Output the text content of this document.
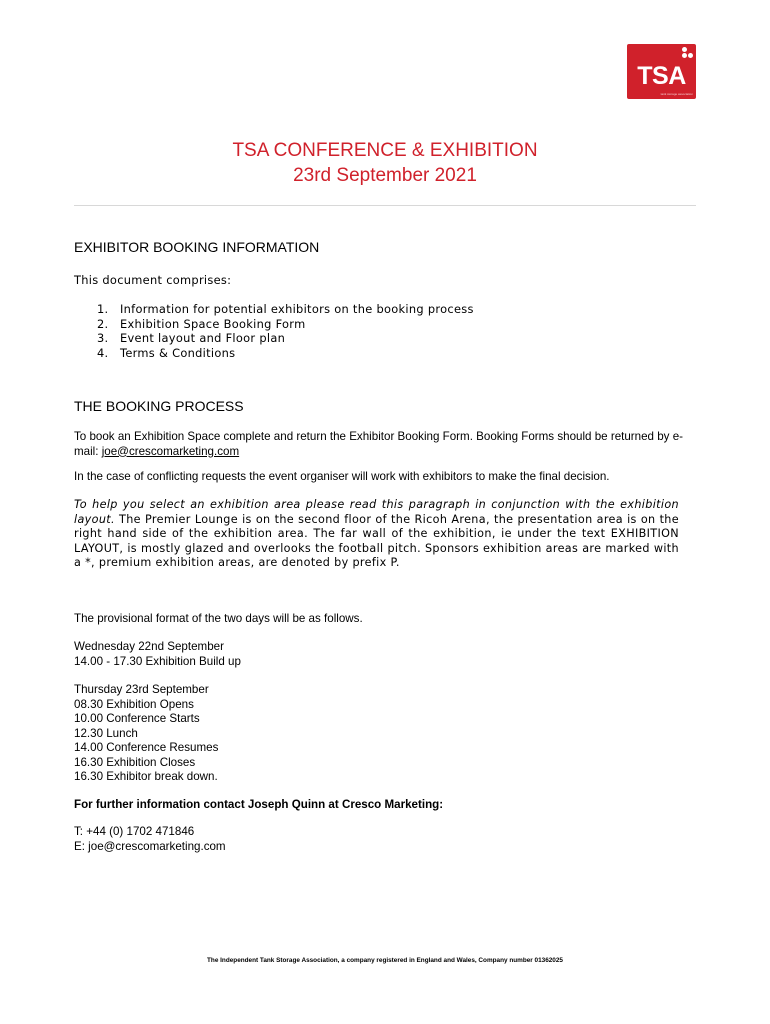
TSA
tank storage association
TSA CONFERENCE & EXHIBITION
23rd September 2021
EXHIBITOR BOOKING INFORMATION
This document comprises:
1. Information for potential exhibitors on the booking process
2. Exhibition Space Booking Form
3. Event layout and Floor plan
4. Terms & Conditions
THE BOOKING PROCESS
To book an Exhibition Space complete and return the Exhibitor Booking Form. Booking Forms should be returned by e-mail: joe@crescomarketing.com
In the case of conflicting requests the event organiser will work with exhibitors to make the final decision.
To help you select an exhibition area please read this paragraph in conjunction with the exhibition layout. The Premier Lounge is on the second floor of the Ricoh Arena, the presentation area is on the right hand side of the exhibition area. The far wall of the exhibition, ie under the text EXHIBITION LAYOUT, is mostly glazed and overlooks the football pitch. Sponsors exhibition areas are marked with a *, premium exhibition areas, are denoted by prefix P.
The provisional format of the two days will be as follows.
Wednesday 22nd September
14.00 - 17.30 Exhibition Build up
Thursday 23rd September
08.30 Exhibition Opens
10.00 Conference Starts
12.30 Lunch
14.00 Conference Resumes
16.30 Exhibition Closes
16.30 Exhibitor break down.
For further information contact Joseph Quinn at Cresco Marketing:
T: +44 (0) 1702 471846
E: joe@crescomarketing.com
The Independent Tank Storage Association, a company registered in England and Wales, Company number 01362025
